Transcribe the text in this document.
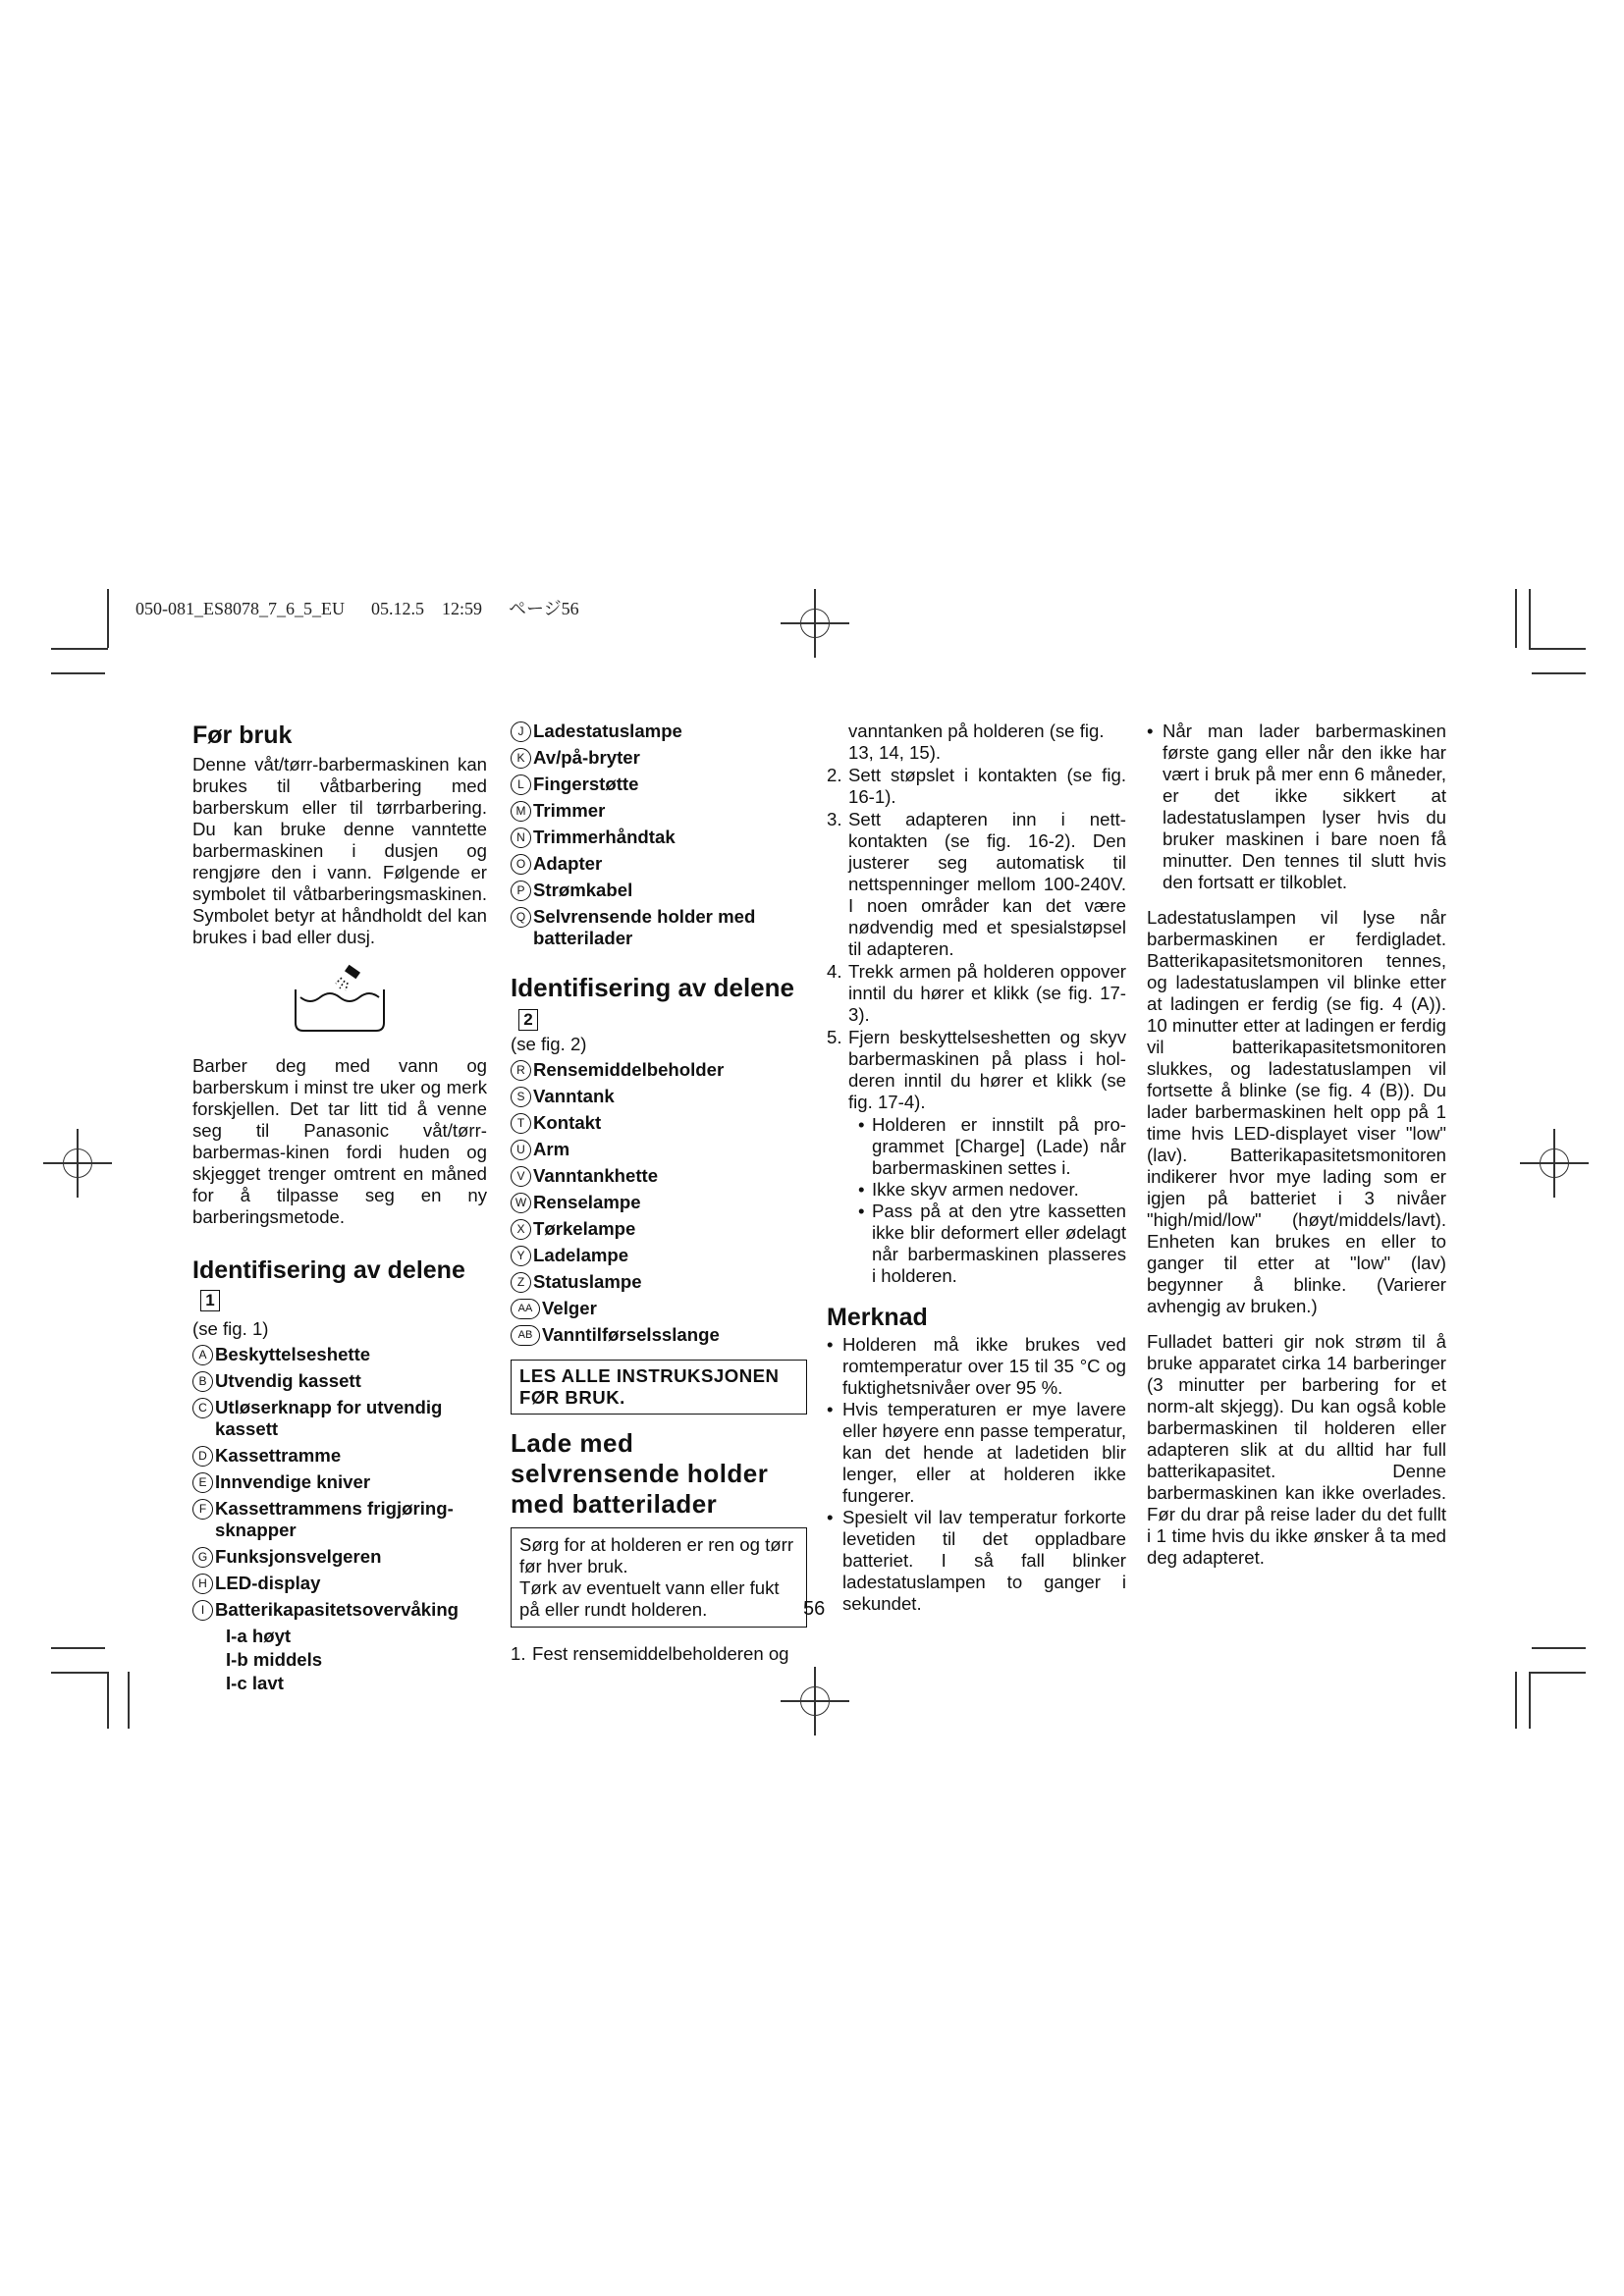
050-081_ES8078_7_6_5_EU 05.12.5 12:59 ページ56
Før bruk

Denne våt/tørr-barbermaskinen kan brukes til våtbarbering med barberskum eller til tørrbarbering. Du kan bruke denne vanntette barbermaskinen i dusjen og rengjøre den i vann. Følgende er symbolet til våtbarberingsmaskinen. Symbolet betyr at håndholdt del kan brukes i bad eller dusj.

Barber deg med vann og barberskum i minst tre uker og merk forskjellen. Det tar litt tid å venne seg til Panasonic våt/tørr-barbermas-kinen fordi huden og skjegget trenger omtrent en måned for å tilpasse seg en ny barberingsmetode.

Identifisering av delene1
(se fig. 1)
A Beskyttelseshette
B Utvendig kassett
C Utløserknapp for utvendig kassett
D Kassettramme
E Innvendige kniver
F Kassettrammens frigjøring-sknapper
G Funksjonsvelgeren
H LED-display
I Batterikapasitetsovervåking
I -a høyt
I -b middels
I -c lavt
J Ladestatuslampe
K Av/på-bryter
L Fingerstøtte
M Trimmer
N Trimmerhåndtak
O Adapter
P Strømkabel
Q Selvrensende holder med batterilader
Identifisering av delene2
(se fig. 2)
R Rensemiddelbeholder
S Vanntank
T Kontakt
U Arm
V Vanntankhette
W Renselampe
X Tørkelampe
Y Ladelampe
Z Statuslampe
AA Velger
AB Vanntilførselsslange
LES ALLE INSTRUKSJONEN FØR BRUK.
Lade med selvrensende holder med batterilader
Sørg for at holderen er ren og tørr før hver bruk.
Tørk av eventuelt vann eller fukt på eller rundt holderen.
1. Fest rensemiddelbeholderen og
vanntanken på holderen (se fig. 13, 14, 15).
2. Sett støpslet i kontakten (se fig. 16-1).
3. Sett adapteren inn i nett-kontakten (se fig. 16-2). Den justerer seg automatisk til nettspenninger mellom 100-240V. I noen områder kan det være nødvendig med et spesialstøpsel til adapteren.
4. Trekk armen på holderen oppover inntil du hører et klikk (se fig. 17-3).
5. Fjern beskyttelseshetten og skyv barbermaskinen på plass i hol-deren inntil du hører et klikk (se fig. 17-4).
• Holderen er innstilt på pro-grammet [Charge] (Lade) når barbermaskinen settes i.
• Ikke skyv armen nedover.
• Pass på at den ytre kassetten ikke blir deformert eller ødelagt når barbermaskinen plasseres i holderen.
Merknad
• Holderen må ikke brukes ved romtemperatur over 15 til 35 °C og fuktighetsnivåer over 95 %.
• Hvis temperaturen er mye lavere eller høyere enn passe temperatur, kan det hende at ladetiden blir lenger, eller at holderen ikke fungerer.
• Spesielt vil lav temperatur forkorte levetiden til det oppladbare batteriet. I så fall blinker ladestatuslampen to ganger i sekundet.
• Når man lader barbermaskinen første gang eller når den ikke har vært i bruk på mer enn 6 måneder, er det ikke sikkert at ladestatuslampen lyser hvis du bruker maskinen i bare noen få minutter. Den tennes til slutt hvis den fortsatt er tilkoblet.

Ladestatuslampen vil lyse når barbermaskinen er ferdigladet. Batterikapasitetsmonitoren tennes, og ladestatuslampen vil blinke etter at ladingen er ferdig (se fig. 4 (A)). 10 minutter etter at ladingen er ferdig vil batterikapasitetsmonitoren slukkes, og ladestatuslampen vil fortsette å blinke (se fig. 4 (B)). Du lader barbermaskinen helt opp på 1 time hvis LED-displayet viser "low" (lav). Batterikapasitetsmonitoren indikerer hvor mye lading som er igjen på batteriet i 3 nivåer "high/mid/low" (høyt/middels/lavt). Enheten kan brukes en eller to ganger til etter at "low" (lav) begynner å blinke. (Varierer avhengig av bruken.)

Fulladet batteri gir nok strøm til å bruke apparatet cirka 14 barberinger (3 minutter per barbering for et norm-alt skjegg). Du kan også koble barbermaskinen til holderen eller adapteren slik at du alltid har full batterikapasitet. Denne barbermaskinen kan ikke overlades. Før du drar på reise lader du det fullt i 1 time hvis du ikke ønsker å ta med deg adapteret.

56
